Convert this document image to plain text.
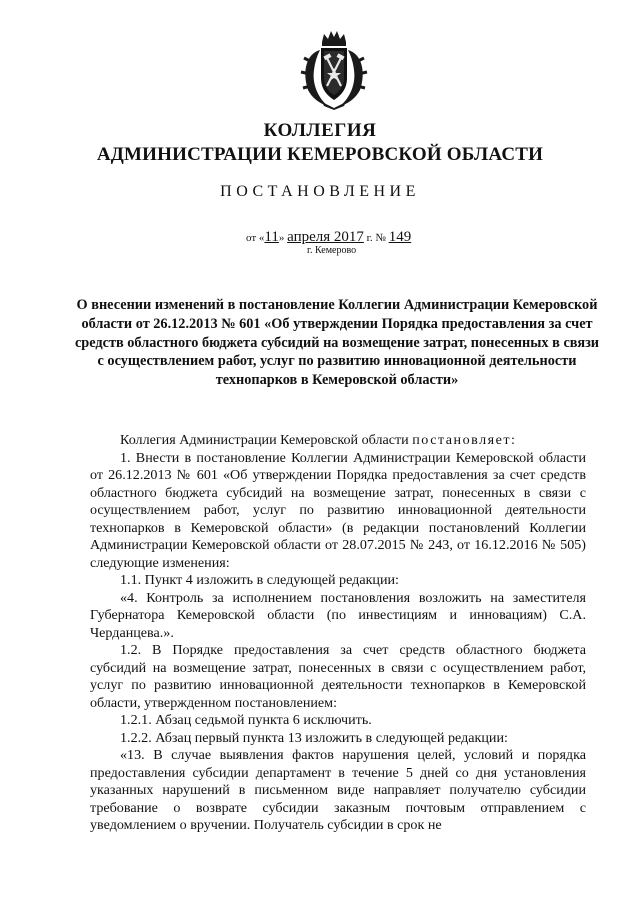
КОЛЛЕГИЯ
АДМИНИСТРАЦИИ КЕМЕРОВСКОЙ ОБЛАСТИ
ПОСТАНОВЛЕНИЕ
от «11» апреля 2017 г. № 149
г. Кемерово
О внесении изменений в постановление Коллегии Администрации Кемеровской области от 26.12.2013 № 601 «Об утверждении Порядка предоставления за счет средств областного бюджета субсидий на возмещение затрат, понесенных в связи с осуществлением работ, услуг по развитию инновационной деятельности технопарков в Кемеровской области»

Коллегия Администрации Кемеровской области постановляет:

1. Внести в постановление Коллегии Администрации Кемеровской области от 26.12.2013 № 601 «Об утверждении Порядка предоставления за счет средств областного бюджета субсидий на возмещение затрат, понесенных в связи с осуществлением работ, услуг по развитию инновационной деятельности технопарков в Кемеровской области» (в редакции постановлений Коллегии Администрации Кемеровской области от 28.07.2015 № 243, от 16.12.2016 № 505) следующие изменения:

1.1. Пункт 4 изложить в следующей редакции:

«4. Контроль за исполнением постановления возложить на заместителя Губернатора Кемеровской области (по инвестициям и инновациям) С.А. Черданцева.».

1.2. В Порядке предоставления за счет средств областного бюджета субсидий на возмещение затрат, понесенных в связи с осуществлением работ, услуг по развитию инновационной деятельности технопарков в Кемеровской области, утвержденном постановлением:

1.2.1. Абзац седьмой пункта 6 исключить.

1.2.2. Абзац первый пункта 13 изложить в следующей редакции:

«13. В случае выявления фактов нарушения целей, условий и порядка предоставления субсидии департамент в течение 5 дней со дня установления указанных нарушений в письменном виде направляет получателю субсидии требование о возврате субсидии заказным почтовым отправлением с уведомлением о вручении. Получатель субсидии в срок не
